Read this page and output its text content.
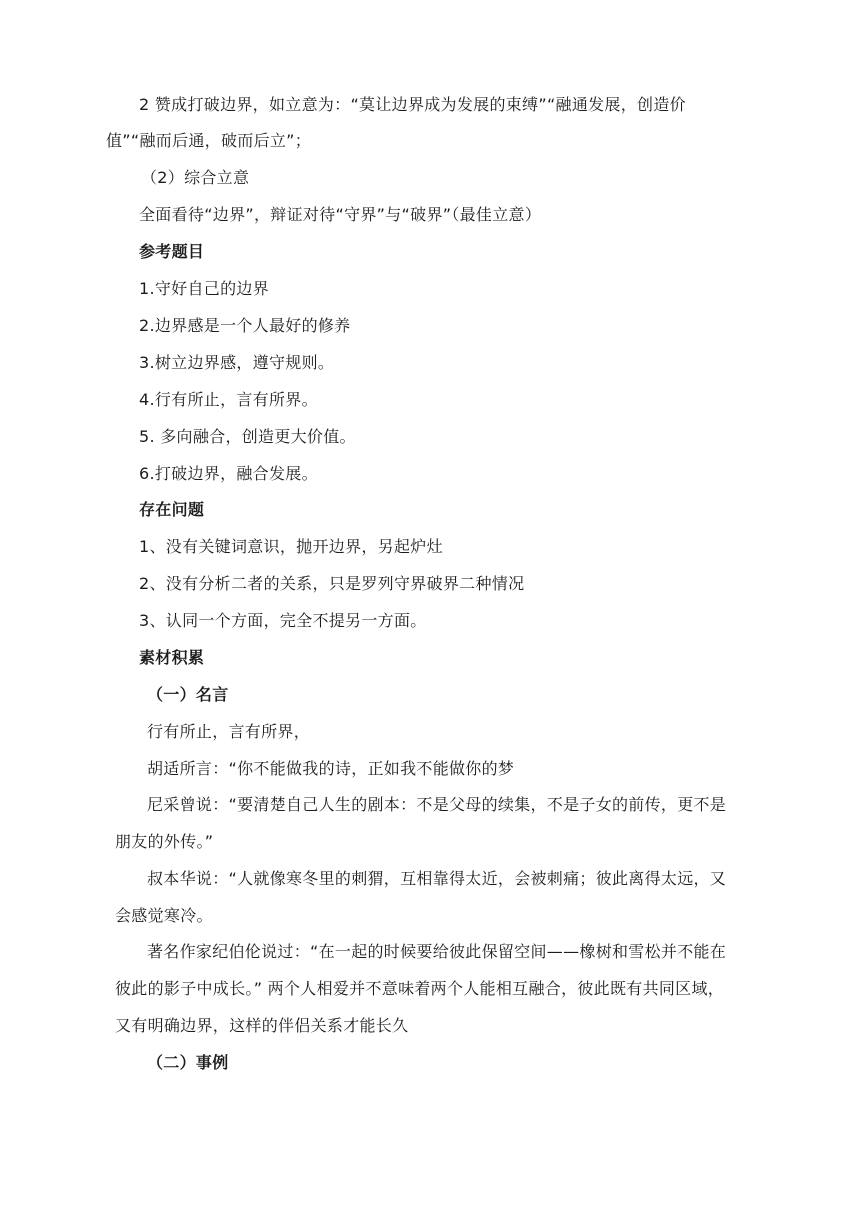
2 赞成打破边界，如立意为：“莫让边界成为发展的束缚”“融通发展，创造价
值”“融而后通，破而后立”；
（2）综合立意
全面看待“边界”，辩证对待“守界”与“破界”（最佳立意）
参考题目
1.守好自己的边界
2.边界感是一个人最好的修养
3.树立边界感，遵守规则。
4.行有所止，言有所界。
5. 多向融合，创造更大价值。
6.打破边界，融合发展。
存在问题
1、没有关键词意识，抛开边界，另起炉灶
2、没有分析二者的关系，只是罗列守界破界二种情况
3、认同一个方面，完全不提另一方面。
素材积累
（一）名言
行有所止，言有所界，
胡适所言：“你不能做我的诗，正如我不能做你的梦
尼采曾说：“要清楚自己人生的剧本：不是父母的续集，不是子女的前传，更不是
朋友的外传。”
叔本华说：“人就像寒冬里的刺猬，互相靠得太近，会被刺痛；彼此离得太远，又
会感觉寒冷。
著名作家纪伯伦说过：“在一起的时候要给彼此保留空间——橡树和雪松并不能在
彼此的影子中成长。” 两个人相爱并不意味着两个人能相互融合，彼此既有共同区域，
又有明确边界，这样的伴侣关系才能长久
（二）事例
